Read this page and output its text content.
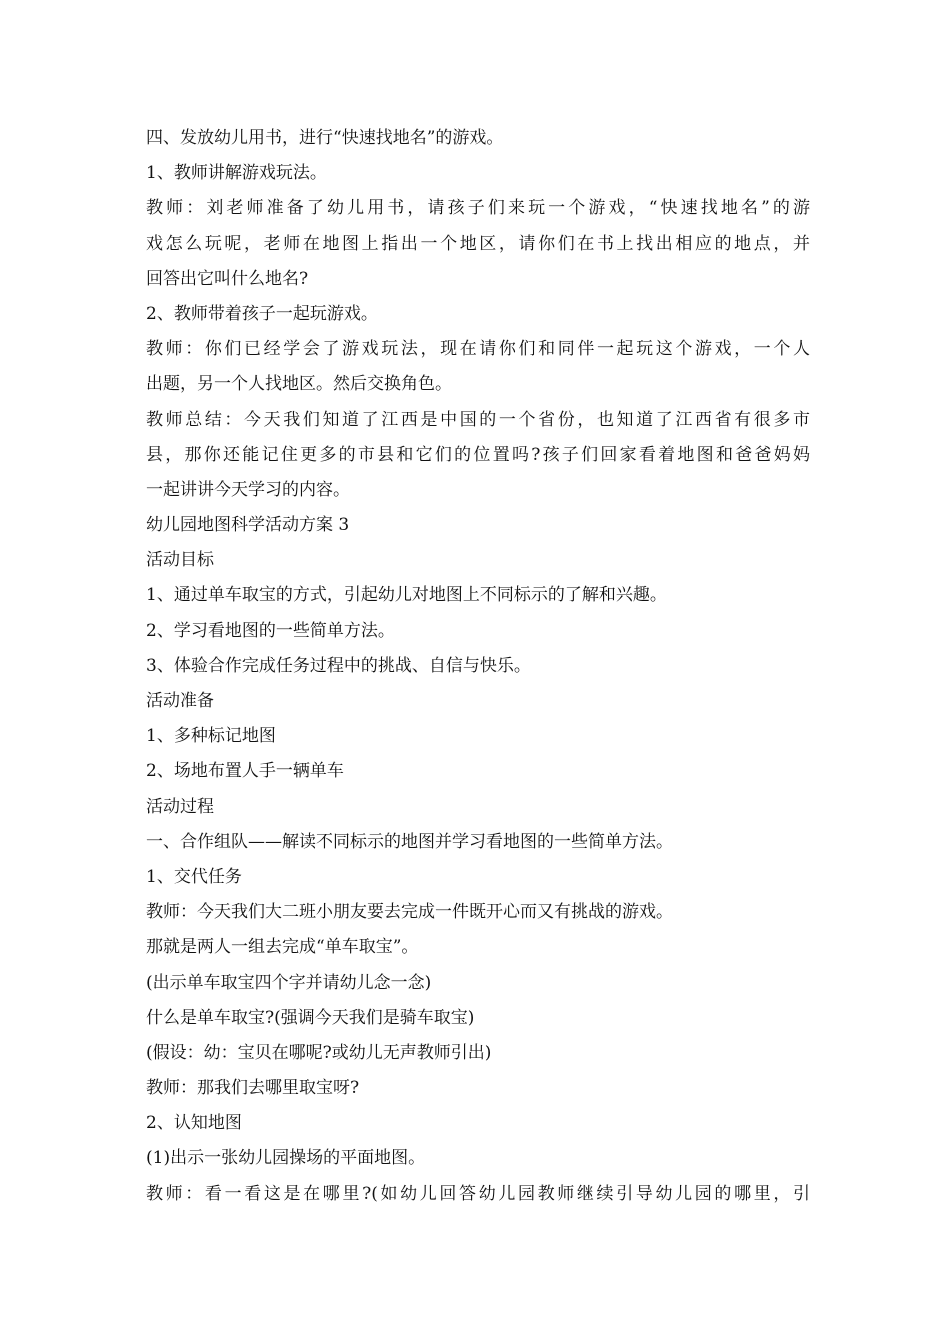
四、发放幼儿用书，进行“快速找地名”的游戏。
1、教师讲解游戏玩法。
教师：刘老师准备了幼儿用书，请孩子们来玩一个游戏，“快速找地名”的游
戏怎么玩呢，老师在地图上指出一个地区，请你们在书上找出相应的地点，并
回答出它叫什么地名?
2、教师带着孩子一起玩游戏。
教师：你们已经学会了游戏玩法，现在请你们和同伴一起玩这个游戏，一个人
出题，另一个人找地区。然后交换角色。
教师总结：今天我们知道了江西是中国的一个省份，也知道了江西省有很多市
县，那你还能记住更多的市县和它们的位置吗?孩子们回家看着地图和爸爸妈妈
一起讲讲今天学习的内容。
幼儿园地图科学活动方案 3
活动目标
1、通过单车取宝的方式，引起幼儿对地图上不同标示的了解和兴趣。
2、学习看地图的一些简单方法。
3、体验合作完成任务过程中的挑战、自信与快乐。
活动准备
1、多种标记地图
2、场地布置人手一辆单车
活动过程
一、合作组队——解读不同标示的地图并学习看地图的一些简单方法。
1、交代任务
教师：今天我们大二班小朋友要去完成一件既开心而又有挑战的游戏。
那就是两人一组去完成“单车取宝”。
(出示单车取宝四个字并请幼儿念一念)
什么是单车取宝?(强调今天我们是骑车取宝)
(假设：幼：宝贝在哪呢?或幼儿无声教师引出)
教师：那我们去哪里取宝呀?
2、认知地图
(1)出示一张幼儿园操场的平面地图。
教师：看一看这是在哪里?(如幼儿回答幼儿园教师继续引导幼儿园的哪里，引
